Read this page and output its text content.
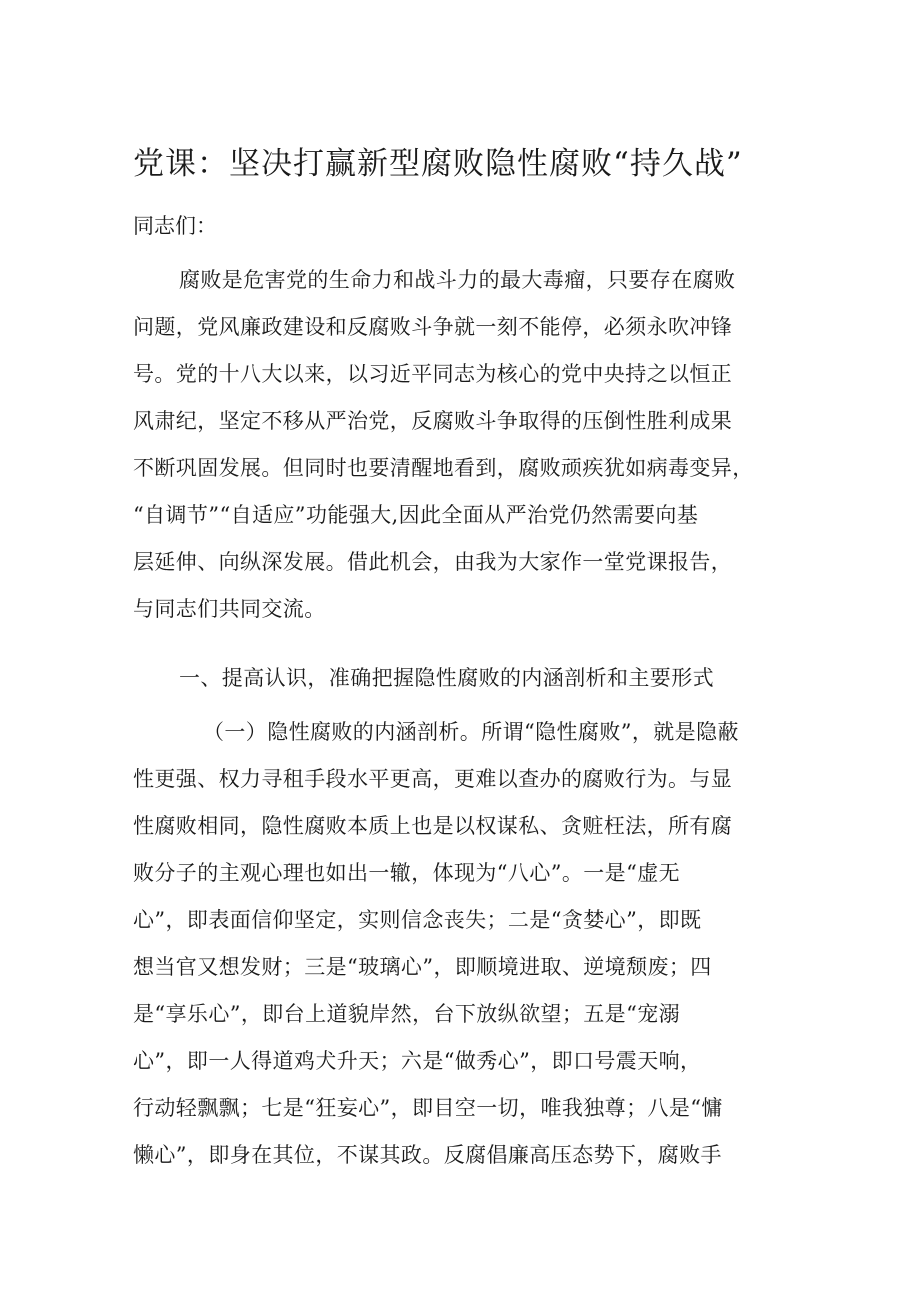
党课：坚决打赢新型腐败隐性腐败“持久战”
同志们：
腐败是危害党的生命力和战斗力的最大毒瘤，只要存在腐败
问题，党风廉政建设和反腐败斗争就一刻不能停，必须永吹冲锋
号。党的十八大以来，以习近平同志为核心的党中央持之以恒正
风肃纪，坚定不移从严治党，反腐败斗争取得的压倒性胜利成果
不断巩固发展。但同时也要清醒地看到，腐败顽疾犹如病毒变异，
“自调节”“自适应”功能强大,因此全面从严治党仍然需要向基
层延伸、向纵深发展。借此机会，由我为大家作一堂党课报告，
与同志们共同交流。
一、提高认识，准确把握隐性腐败的内涵剖析和主要形式
（一）隐性腐败的内涵剖析。所谓“隐性腐败”，就是隐蔽
性更强、权力寻租手段水平更高，更难以查办的腐败行为。与显
性腐败相同，隐性腐败本质上也是以权谋私、贪赃枉法，所有腐
败分子的主观心理也如出一辙，体现为“八心”。一是“虚无
心”，即表面信仰坚定，实则信念丧失；二是“贪婪心”，即既
想当官又想发财；三是“玻璃心”，即顺境进取、逆境颓废；四
是“享乐心”，即台上道貌岸然，台下放纵欲望；五是“宠溺
心”，即一人得道鸡犬升天；六是“做秀心”，即口号震天响，
行动轻飘飘；七是“狂妄心”，即目空一切，唯我独尊；八是“慵
懒心”，即身在其位，不谋其政。反腐倡廉高压态势下，腐败手
